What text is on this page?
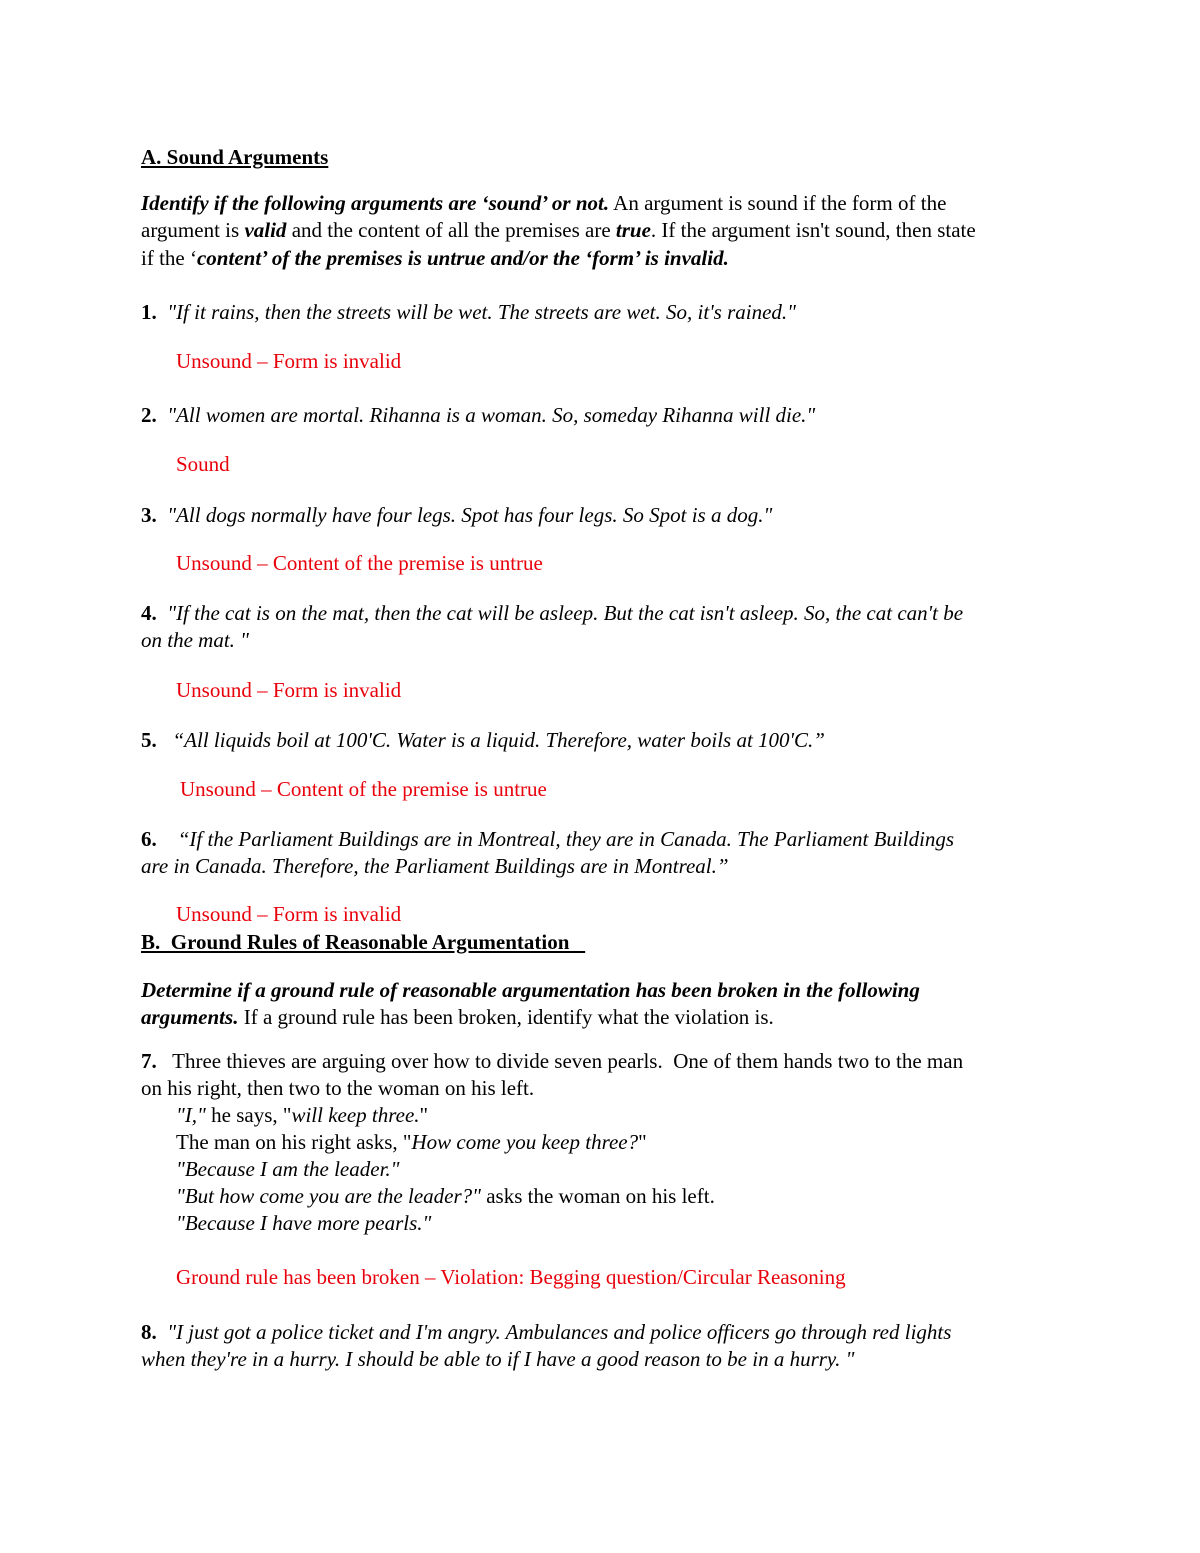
A. Sound Arguments
Identify if the following arguments are ‘sound’ or not. An argument is sound if the form of the
argument is valid and the content of all the premises are true. If the argument isn't sound, then state
if the ‘content’ of the premises is untrue and/or the ‘form’ is invalid.
1. "If it rains, then the streets will be wet. The streets are wet. So, it's rained."
Unsound – Form is invalid
2. "All women are mortal. Rihanna is a woman. So, someday Rihanna will die."
Sound
3. "All dogs normally have four legs. Spot has four legs. So Spot is a dog."
Unsound – Content of the premise is untrue
4. "If the cat is on the mat, then the cat will be asleep. But the cat isn't asleep. So, the cat can't be
on the mat. "
Unsound – Form is invalid
5. “All liquids boil at 100'C. Water is a liquid. Therefore, water boils at 100'C.”
Unsound – Content of the premise is untrue
6. “If the Parliament Buildings are in Montreal, they are in Canada. The Parliament Buildings
are in Canada. Therefore, the Parliament Buildings are in Montreal.”
Unsound – Form is invalid
B.  Ground Rules of Reasonable Argumentation
Determine if a ground rule of reasonable argumentation has been broken in the following
arguments. If a ground rule has been broken, identify what the violation is.
7.   Three thieves are arguing over how to divide seven pearls.  One of them hands two to the man
on his right, then two to the woman on his left.
"I," he says, "will keep three."
The man on his right asks, "How come you keep three?"
"Because I am the leader."
"But how come you are the leader?" asks the woman on his left.
"Because I have more pearls."
Ground rule has been broken – Violation: Begging question/Circular Reasoning
8. "I just got a police ticket and I'm angry. Ambulances and police officers go through red lights
when they're in a hurry. I should be able to if I have a good reason to be in a hurry. "
